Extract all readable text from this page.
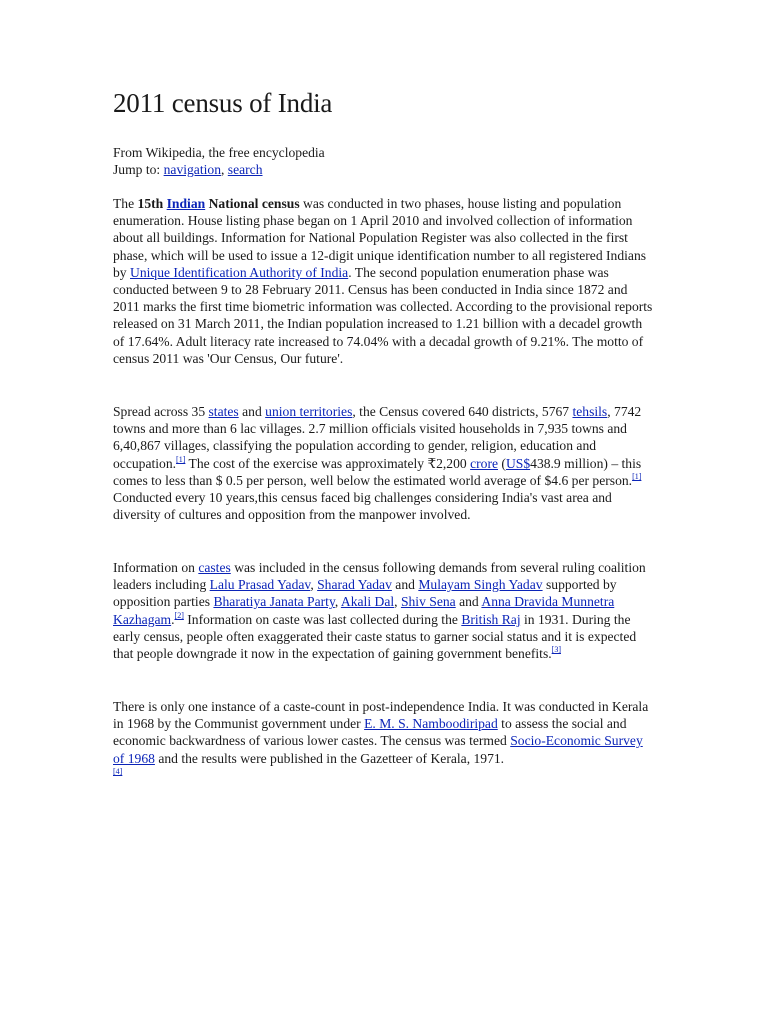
2011 census of India
From Wikipedia, the free encyclopedia
Jump to: navigation, search

The 15th Indian National census was conducted in two phases, house listing and population enumeration. House listing phase began on 1 April 2010 and involved collection of information about all buildings. Information for National Population Register was also collected in the first phase, which will be used to issue a 12-digit unique identification number to all registered Indians by Unique Identification Authority of India. The second population enumeration phase was conducted between 9 to 28 February 2011. Census has been conducted in India since 1872 and 2011 marks the first time biometric information was collected. According to the provisional reports released on 31 March 2011, the Indian population increased to 1.21 billion with a decadel growth of 17.64%. Adult literacy rate increased to 74.04% with a decadal growth of 9.21%. The motto of census 2011 was 'Our Census, Our future'.

Spread across 35 states and union territories, the Census covered 640 districts, 5767 tehsils, 7742 towns and more than 6 lac villages. 2.7 million officials visited households in 7,935 towns and 6,40,867 villages, classifying the population according to gender, religion, education and occupation.[1] The cost of the exercise was approximately ₹2,200 crore (US$438.9 million) – this comes to less than $ 0.5 per person, well below the estimated world average of $4.6 per person.[1] Conducted every 10 years,this census faced big challenges considering India's vast area and diversity of cultures and opposition from the manpower involved.

Information on castes was included in the census following demands from several ruling coalition leaders including Lalu Prasad Yadav, Sharad Yadav and Mulayam Singh Yadav supported by opposition parties Bharatiya Janata Party, Akali Dal, Shiv Sena and Anna Dravida Munnetra Kazhagam.[2] Information on caste was last collected during the British Raj in 1931. During the early census, people often exaggerated their caste status to garner social status and it is expected that people downgrade it now in the expectation of gaining government benefits.[3]

There is only one instance of a caste-count in post-independence India. It was conducted in Kerala in 1968 by the Communist government under E. M. S. Namboodiripad to assess the social and economic backwardness of various lower castes. The census was termed Socio-Economic Survey of 1968 and the results were published in the Gazetteer of Kerala, 1971.
[4]
